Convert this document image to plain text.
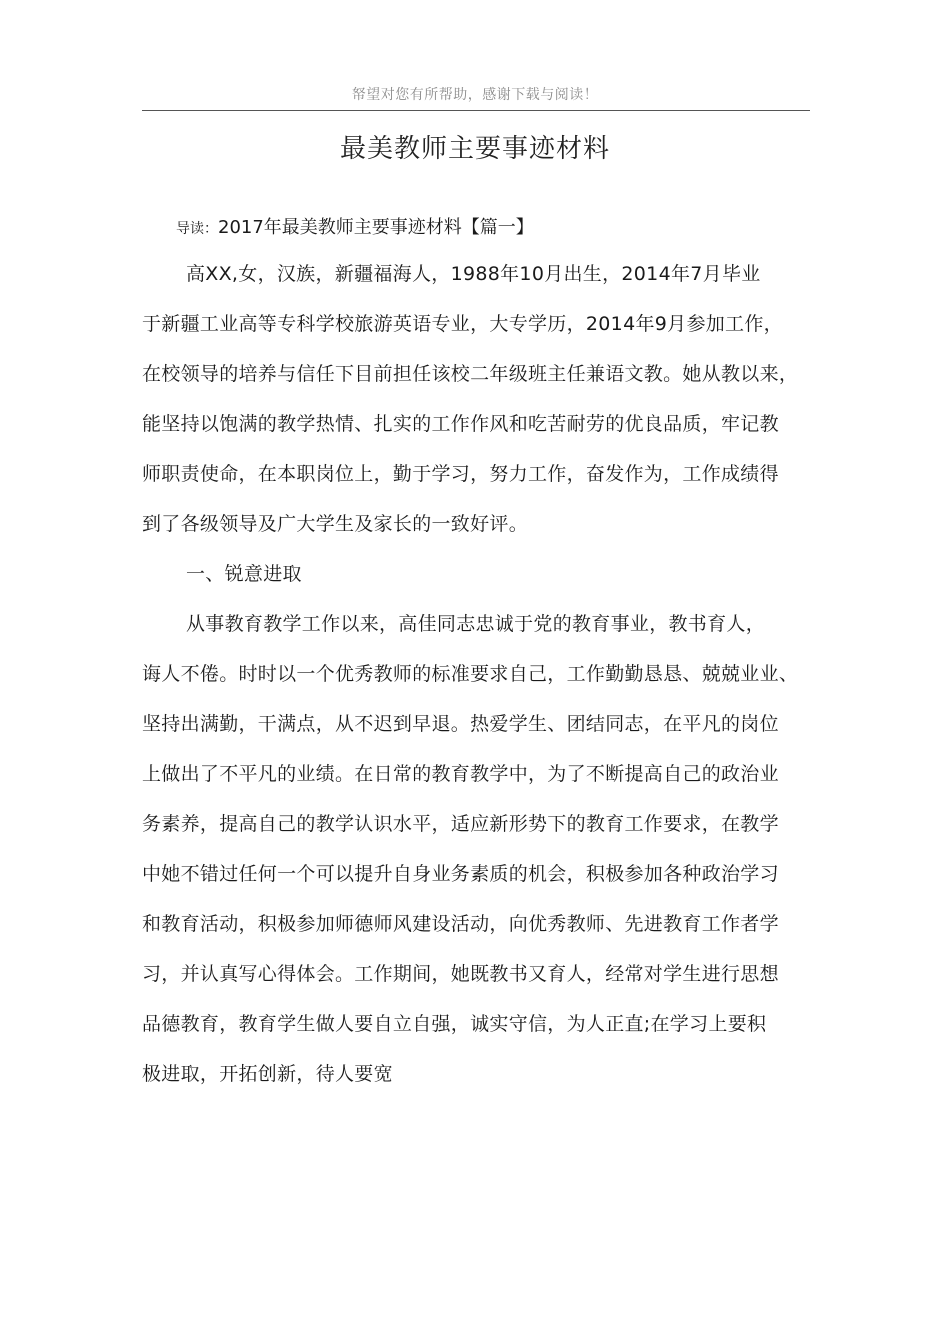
帑望对您有所帮助，感谢下载与阅读！
最美教师主要事迹材料
导读：2017年最美教师主要事迹材料【篇一】
高XX,女，汉族，新疆福海人，1988年10月出生，2014年7月毕业
于新疆工业高等专科学校旅游英语专业，大专学历，2014年9月参加工作，
在校领导的培养与信任下目前担任该校二年级班主任兼语文教。她从教以来，
能坚持以饱满的教学热情、扎实的工作作风和吃苦耐劳的优良品质，牢记教
师职责使命，在本职岗位上，勤于学习，努力工作，奋发作为，工作成绩得
到了各级领导及广大学生及家长的一致好评。
一、锐意进取
从事教育教学工作以来，高佳同志忠诚于党的教育事业，教书育人，
诲人不倦。时时以一个优秀教师的标准要求自己，工作勤勤恳恳、兢兢业业、
坚持出满勤，干满点，从不迟到早退。热爱学生、团结同志，在平凡的岗位
上做出了不平凡的业绩。在日常的教育教学中，为了不断提高自己的政治业
务素养，提高自己的教学认识水平，适应新形势下的教育工作要求，在教学
中她不错过任何一个可以提升自身业务素质的机会，积极参加各种政治学习
和教育活动，积极参加师德师风建设活动，向优秀教师、先进教育工作者学
习，并认真写心得体会。工作期间，她既教书又育人，经常对学生进行思想
品德教育，教育学生做人要自立自强，诚实守信，为人正直;在学习上要积
极进取，开拓创新，待人要宽
